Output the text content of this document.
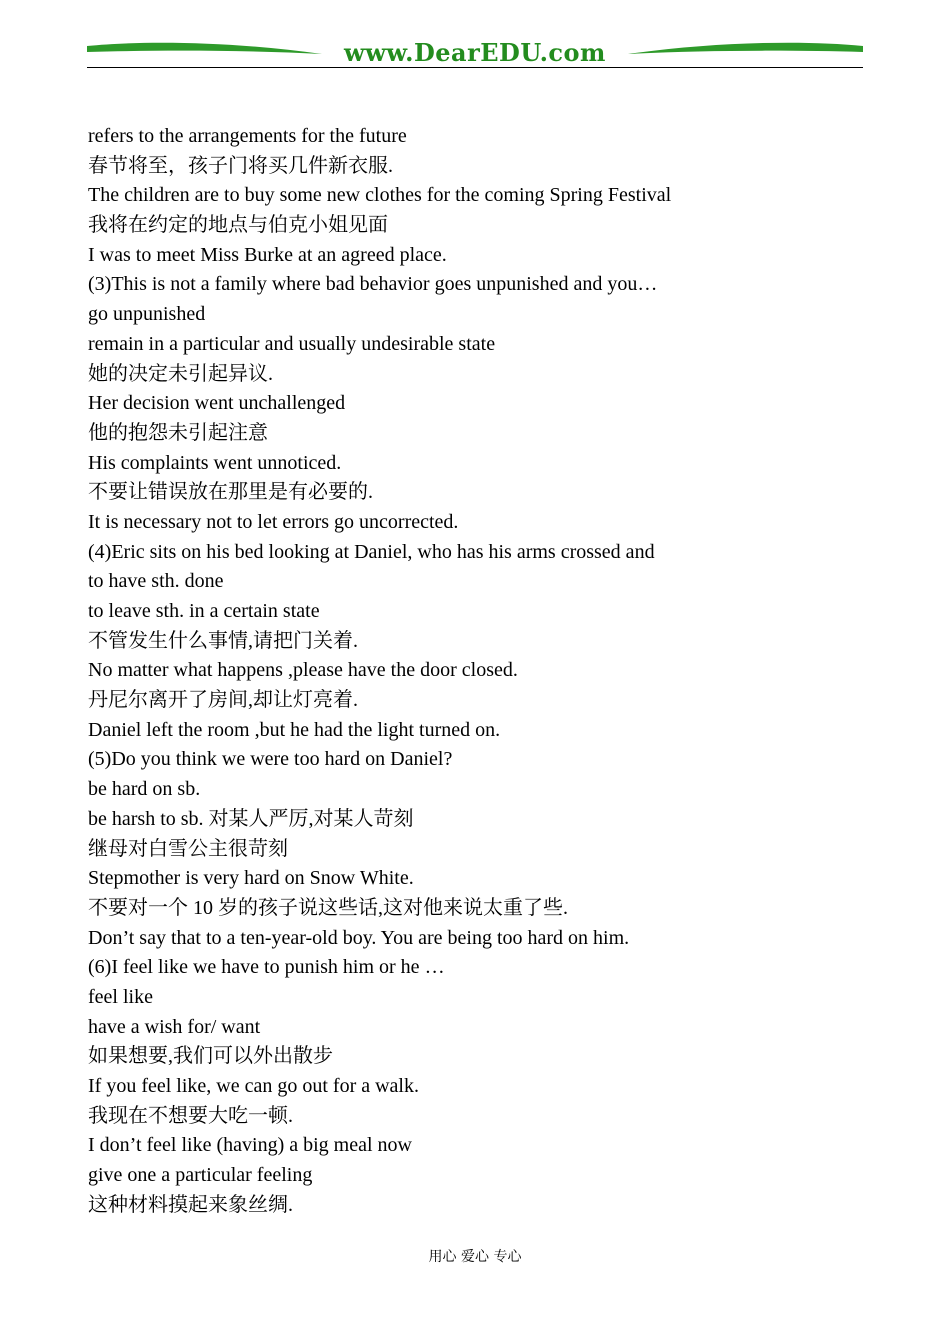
www.DearEDU.com
refers to the arrangements for the future
春节将至，孩子门将买几件新衣服.
The children are to buy some new clothes for the coming Spring Festival
我将在约定的地点与伯克小姐见面
I was to meet Miss Burke at an agreed place.
(3)This is not a family where bad behavior goes unpunished and you…
go unpunished
remain in a particular and usually undesirable state
她的决定未引起异议.
Her decision went unchallenged
他的抱怨未引起注意
His complaints went unnoticed.
不要让错误放在那里是有必要的.
It is necessary not to let errors go uncorrected.
(4)Eric sits on his bed looking at Daniel, who has his arms crossed and
to have sth. done
to leave sth. in a certain state
不管发生什么事情,请把门关着.
No matter what happens ,please have the door closed.
丹尼尔离开了房间,却让灯亮着.
Daniel left the room ,but he had the light turned on.
(5)Do you think we were too hard on Daniel?
be hard on sb.
be harsh to sb. 对某人严厉,对某人苛刻
继母对白雪公主很苛刻
Stepmother is very hard on Snow White.
不要对一个 10 岁的孩子说这些话,这对他来说太重了些.
Don’t say that to a ten-year-old boy. You are being too hard on him.
(6)I feel like we have to punish him or he …
feel like
have a wish for/ want
如果想要,我们可以外出散步
If you feel like, we can go out for a walk.
我现在不想要大吃一顿.
I don’t feel like (having) a big meal now
give one a particular feeling
这种材料摸起来象丝绸.
用心 爱心 专心
